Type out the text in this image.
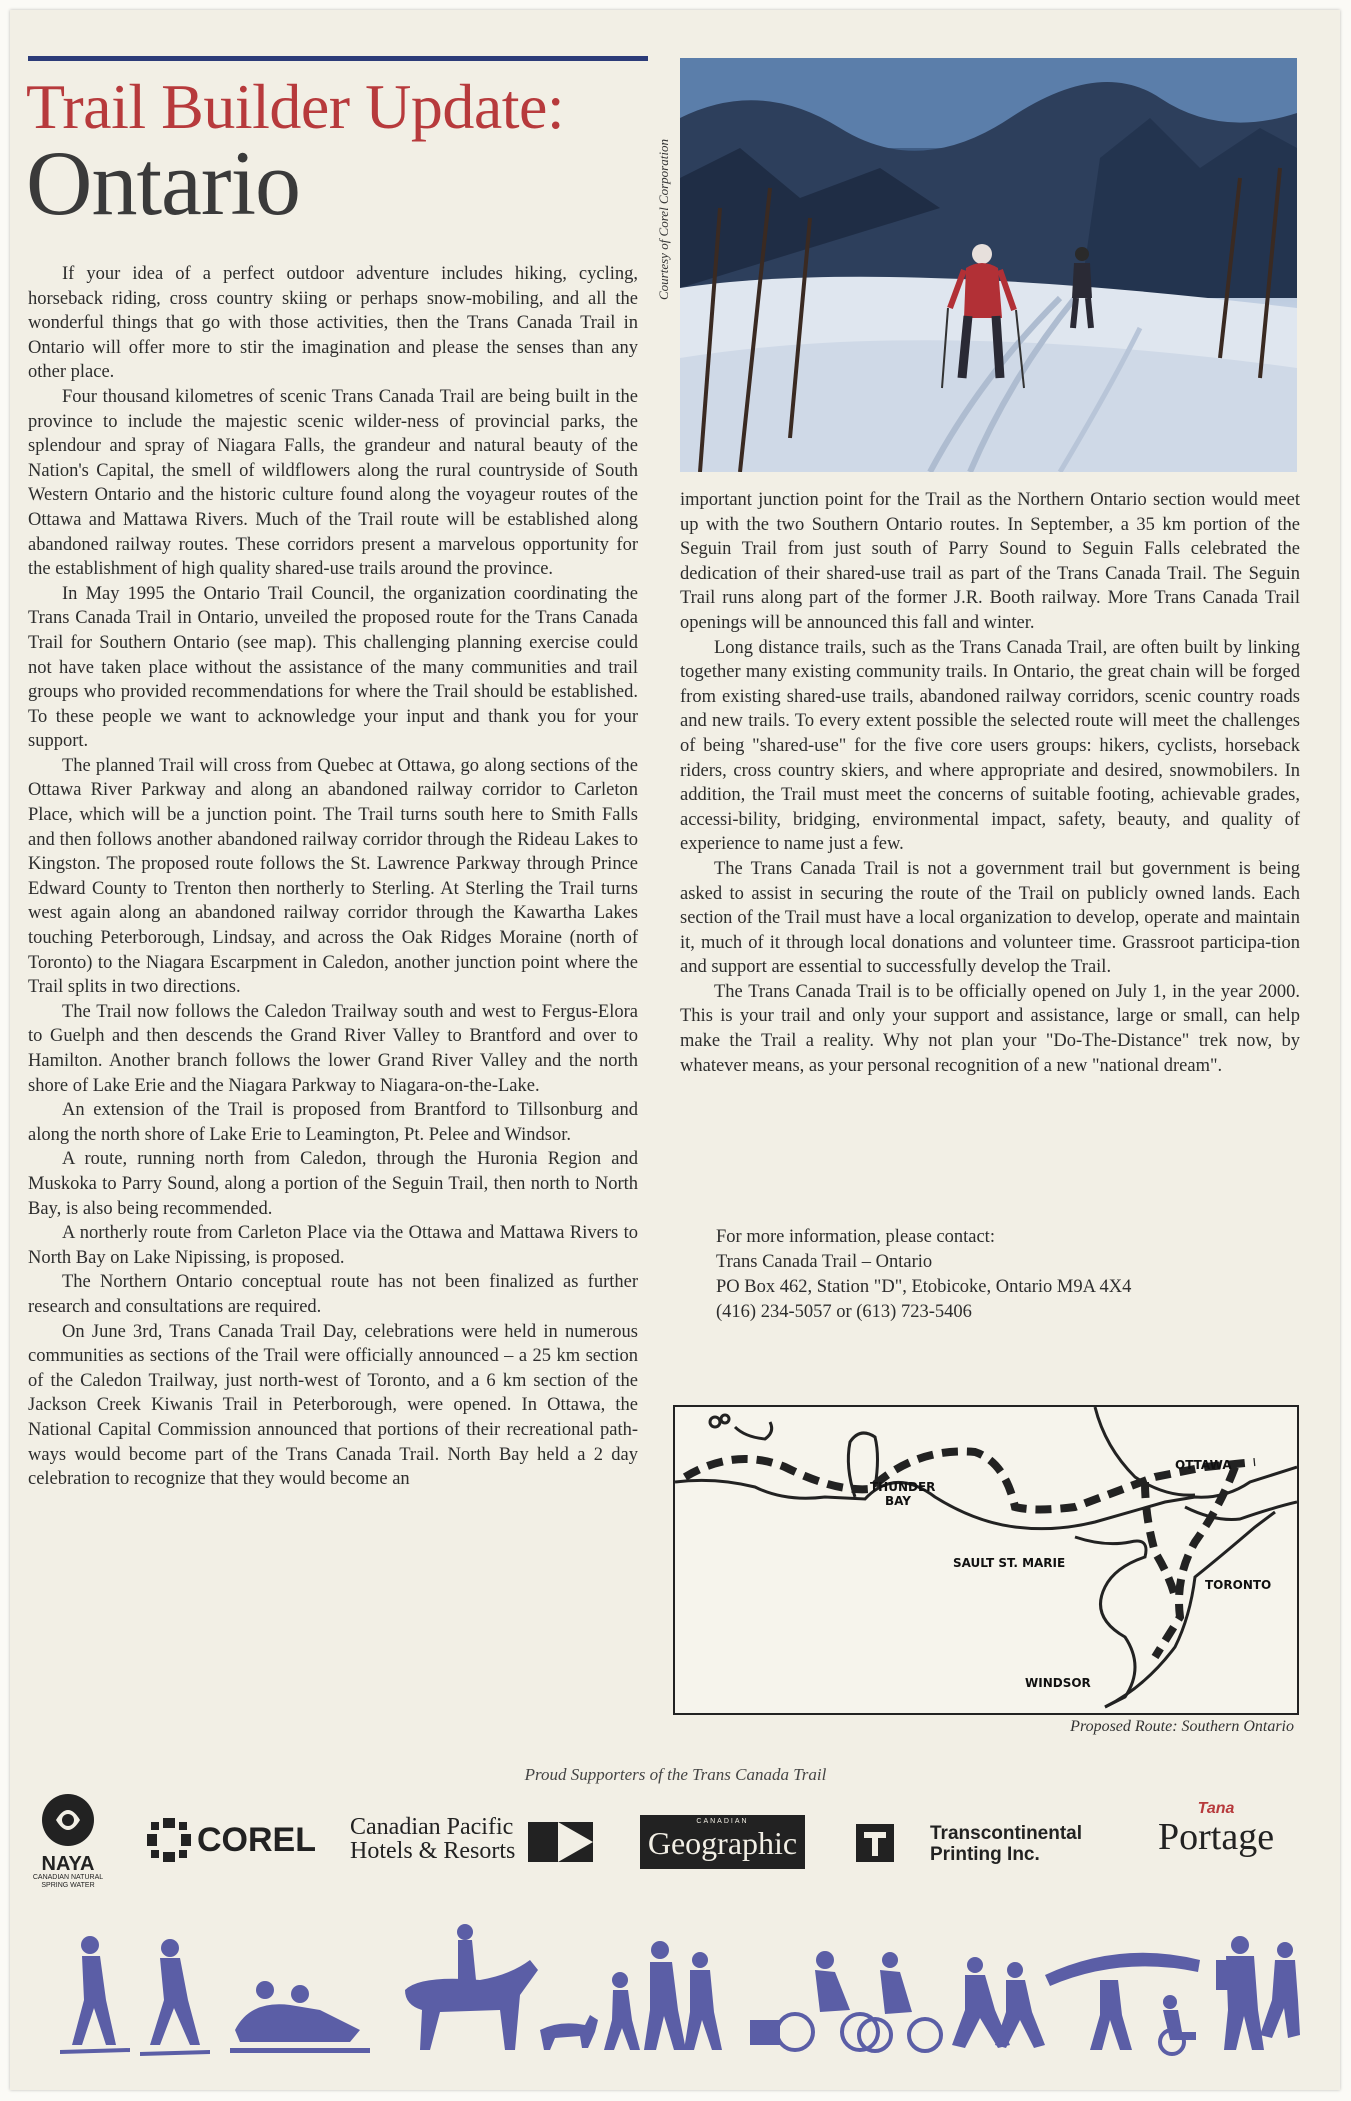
Trail Builder Update:
Ontario

If your idea of a perfect outdoor adventure includes hiking, cycling, horseback riding, cross country skiing or perhaps snow-mobiling, and all the wonderful things that go with those activities, then the Trans Canada Trail in Ontario will offer more to stir the imagination and please the senses than any other place.

Four thousand kilometres of scenic Trans Canada Trail are being built in the province to include the majestic scenic wilder-ness of provincial parks, the splendour and spray of Niagara Falls, the grandeur and natural beauty of the Nation's Capital, the smell of wildflowers along the rural countryside of South Western Ontario and the historic culture found along the voyageur routes of the Ottawa and Mattawa Rivers. Much of the Trail route will be established along abandoned railway routes. These corridors present a marvelous opportunity for the establishment of high quality shared-use trails around the province.

In May 1995 the Ontario Trail Council, the organization coordinating the Trans Canada Trail in Ontario, unveiled the proposed route for the Trans Canada Trail for Southern Ontario (see map). This challenging planning exercise could not have taken place without the assistance of the many communities and trail groups who provided recommendations for where the Trail should be established. To these people we want to acknowledge your input and thank you for your support.

The planned Trail will cross from Quebec at Ottawa, go along sections of the Ottawa River Parkway and along an abandoned railway corridor to Carleton Place, which will be a junction point. The Trail turns south here to Smith Falls and then follows another abandoned railway corridor through the Rideau Lakes to Kingston. The proposed route follows the St. Lawrence Parkway through Prince Edward County to Trenton then northerly to Sterling. At Sterling the Trail turns west again along an abandoned railway corridor through the Kawartha Lakes touching Peterborough, Lindsay, and across the Oak Ridges Moraine (north of Toronto) to the Niagara Escarpment in Caledon, another junction point where the Trail splits in two directions.

The Trail now follows the Caledon Trailway south and west to Fergus-Elora to Guelph and then descends the Grand River Valley to Brantford and over to Hamilton. Another branch follows the lower Grand River Valley and the north shore of Lake Erie and the Niagara Parkway to Niagara-on-the-Lake.

An extension of the Trail is proposed from Brantford to Tillsonburg and along the north shore of Lake Erie to Leamington, Pt. Pelee and Windsor.

A route, running north from Caledon, through the Huronia Region and Muskoka to Parry Sound, along a portion of the Seguin Trail, then north to North Bay, is also being recommended.

A northerly route from Carleton Place via the Ottawa and Mattawa Rivers to North Bay on Lake Nipissing, is proposed.

The Northern Ontario conceptual route has not been finalized as further research and consultations are required.

On June 3rd, Trans Canada Trail Day, celebrations were held in numerous communities as sections of the Trail were officially announced – a 25 km section of the Caledon Trailway, just north-west of Toronto, and a 6 km section of the Jackson Creek Kiwanis Trail in Peterborough, were opened. In Ottawa, the National Capital Commission announced that portions of their recreational path-ways would become part of the Trans Canada Trail. North Bay held a 2 day celebration to recognize that they would become an

Courtesy of Corel Corporation

important junction point for the Trail as the Northern Ontario section would meet up with the two Southern Ontario routes. In September, a 35 km portion of the Seguin Trail from just south of Parry Sound to Seguin Falls celebrated the dedication of their shared-use trail as part of the Trans Canada Trail. The Seguin Trail runs along part of the former J.R. Booth railway. More Trans Canada Trail openings will be announced this fall and winter.

Long distance trails, such as the Trans Canada Trail, are often built by linking together many existing community trails. In Ontario, the great chain will be forged from existing shared-use trails, abandoned railway corridors, scenic country roads and new trails. To every extent possible the selected route will meet the challenges of being "shared-use" for the five core users groups: hikers, cyclists, horseback riders, cross country skiers, and where appropriate and desired, snowmobilers. In addition, the Trail must meet the concerns of suitable footing, achievable grades, accessi-bility, bridging, environmental impact, safety, beauty, and quality of experience to name just a few.

The Trans Canada Trail is not a government trail but government is being asked to assist in securing the route of the Trail on publicly owned lands. Each section of the Trail must have a local organization to develop, operate and maintain it, much of it through local donations and volunteer time. Grassroot participa-tion and support are essential to successfully develop the Trail.

The Trans Canada Trail is to be officially opened on July 1, in the year 2000. This is your trail and only your support and assistance, large or small, can help make the Trail a reality. Why not plan your "Do-The-Distance" trek now, by whatever means, as your personal recognition of a new "national dream".

For more information, please contact:
Trans Canada Trail – Ontario
PO Box 462, Station "D", Etobicoke, Ontario M9A 4X4
(416) 234-5057 or (613) 723-5406
THUNDER
BAY
OTTAWA
SAULT ST. MARIE
TORONTO
WINDSOR
Proposed Route: Southern Ontario
Proud Supporters of the Trans Canada Trail
NAYA
CANADIAN NATURAL
SPRING WATER
COREL Canadian Pacific
Hotels & Resorts
CANADIAN
Geographic	Transcontinental
Printing Inc.
Tana
Portage
